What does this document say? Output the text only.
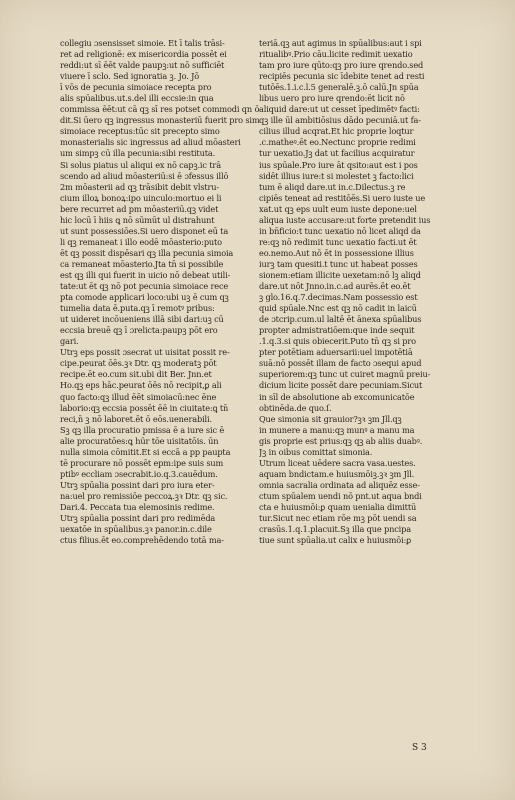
collegiu ɔsensisset simoie. Et ī talis trāsi-
ret ad religionē: ex misericordia possēt ei
reddi:ut sī ēēt valde paupꝫ:ut nō sufficiēt
viuere ī sclo. Sed ignoratia ꝫ. Jo. Jō
ī vōs de pecunia simoiace recepta pro
alis spūalibus.ut.s.del illi eccsie:in qua
commissa ēēt:ut cā qꝫ sī res potset commodi qn ō
dit.Si ūero qꝫ ingressus monasteriū fuerit pro sim
simoiace receptus:tūc sit precepto simo
monasterialis sic ingressus ad aliud mōasteri
um simpꝫ cū illa pecunia:sibi restituta.
Si solus piatus ul aliqui ex nō capꝫ.ic trā
scendo ad aliud mōasteriū:si ē ɔfessus illō
2m mōasterii ad qꝫ trāsibit debit vlstru-
cium illoꝝ bonoꝝ:ipo uinculo:mortuo ei li
bere recurret ad pm mōasteriū.qꝫ videt
hic locū ī hiis ꝗ nō sūmūt ul distrahunt
ut sunt possessiōes.Si uero disponet eū ta
li qꝫ remaneat i illo eodē mōasterio:puto
ēt qꝫ possit dispēsari qꝫ illa pecunia simoia
ca remaneat mōasterio.Jta tn̄ si possibile
est qꝫ illi qui fuerit in uicio nō debeat utili-
tate:ut ēt qꝫ nō pot pecunia simoiace rece
pta comode applicari loco:ubi uꝫ ē cum qꝫ
tumelia data ē.puta.qꝫ ī remotꝰ pribus:
ut uideret incōueniens illā sibi dari:uꝫ cū
eccsia breuē qꝫ ī ɔrelicta:paupꝫ pōt ero
gari.
Utrꝫ eps possit ɔsecrat ut uisitat possit re-
cipe.peurat ōēs.ꝫꝛ Dtr. qꝫ moderatꝫ pōt
recipe.ēt eo.cum sit.ubi dit Ber. Jnn.et
Ho.qꝫ eps hāc.peurat ōēs nō recipit,ꝑ ali
quo facto:qꝫ illud ēēt simoiacū:nec ēne
laborio:qꝫ eccsia possēt ēē in ciuitate:ꝗ tn̄
reci,n̄ ꝫ nō laboret.ēt ō eōs.uenerabili.
Sꝫ qꝫ illa procuratio pmissa ē a iure sic ē
alie procuratōes:ꝗ hūr tōe uisitatōis. ūn
nulla simoia cōmitit.Et si eccā a pp paupta
tē procurare nō possēt epm:ipe suis sum
ptibꝰ eccliam ɔsecrabit.io.q.3.cauēdum.
Utrꝫ spūalia possint dari pro iura eter-
na:uel pro remissiōe peccoꝝ.ꝫꝛ Dtr. qꝫ sic.
Dari.4. Peccata tua elemosinis redime.
Utrꝫ spūalia possint dari pro redimēda
uexatōe in spūalibus.ꝫꝛ panor.in.c.dile
ctus filius.ēt eo.comprehēdendo totā ma-
teriā.qꝫ aut agimus in spūalibus:aut i spi
ritualibꝰ.Prio cāu.licite redimit uexatio
tam pro iure qūto:qꝫ pro iure qrendo.sed
recipiēs pecunia sic īdebite tenet ad resti
tutōēs.1.i.c.l.5 generalē.ꝫ.ō calū.Jn spūa
libus uero pro iure qrendo:ēt licit nō
aliquid dare:ut ut cesset īpedimētꝰ facti:
qꝫ ille ūl ambitiōsius dādo pecuniā.ut fa-
cilius illud acqrat.Et hic proprie loqtur
.c.matheꝰ.ēt eo.Nectunc proprie redimi
tur uexatio.Jꝫ dat ut facilius acquiratur
ius spūale.Pro iure āt qsito:aut est i pos
sidēt illius iure:t si molestet ꝫ facto:lici
tum ē aliqd dare.ut in.c.Dilectus.ꝫ re
cipiēs teneat ad restitōēs.Si uero iuste ue
xat.ut qꝫ eps uult eum iuste depone:uel
aliqua iuste accusare:ut forte pretendit ius
in bn̄ficio:t tunc uexatio nō licet aliqd da
re:qꝫ nō redimit tunc uexatio facti.ut ēt
eo.nemo.Aut nō ēt in possessione illius
iurꝫ tam quesiti.t tunc ut habeat posses
sionem:etiam illicite uexetam:nō lꝫ aliqd
dare.ut nōt Jnno.in.c.ad aurēs.ēt eo.ēt
ꝫ glo.16.q.7.decimas.Nam possessio est
quid spūale.Nnc est qꝫ nō cadit in laicū
de ɔtcrip.cum.ul laltē ēt ānexa spūalibus
propter admistratiōem:que inde sequit
.1.q.3.si quis obiecerit.Puto tn̄ qꝫ si pro
pter potētiam aduersarii:uel impotētiā
suā:nō possēt illam de facto ɔsequi apud
superiorem:qꝫ tunc ut cuiret magnū preiu-
dicium licite possēt dare pecuniam.Sicut
in sīl de absolutione ab excomunicatōe
obtinēda.de quo.ſ.
Que simonia sit grauior?ꝫꝛ ꝫm Jll.qꝫ
in munere a manu:qꝫ munꝰ a manu ma
gis proprie est prius:qꝫ qꝫ ab aliis duabꝰ.
Jꝫ in oibus comittat simonia.
Utrum liceat uēdere sacra vasa.uestes.
aquam bndictam.e huiusmōiꝫ.ꝫꝛ ꝫm Jll.
omnia sacralia ordinata ad aliquēz esse-
ctum spūalem uendi nō pnt.ut aqua bndi
cta e huiusmōi:ꝑ quam uenialia dimittū
tur.Sicut nec etiam rōe mꝫ pōt uendi sa
crasūs.1.q.1.placuit.Sꝫ illa que pncipa
tiue sunt spūalia.ut calix e huiusmōi:ꝑ
S 3
